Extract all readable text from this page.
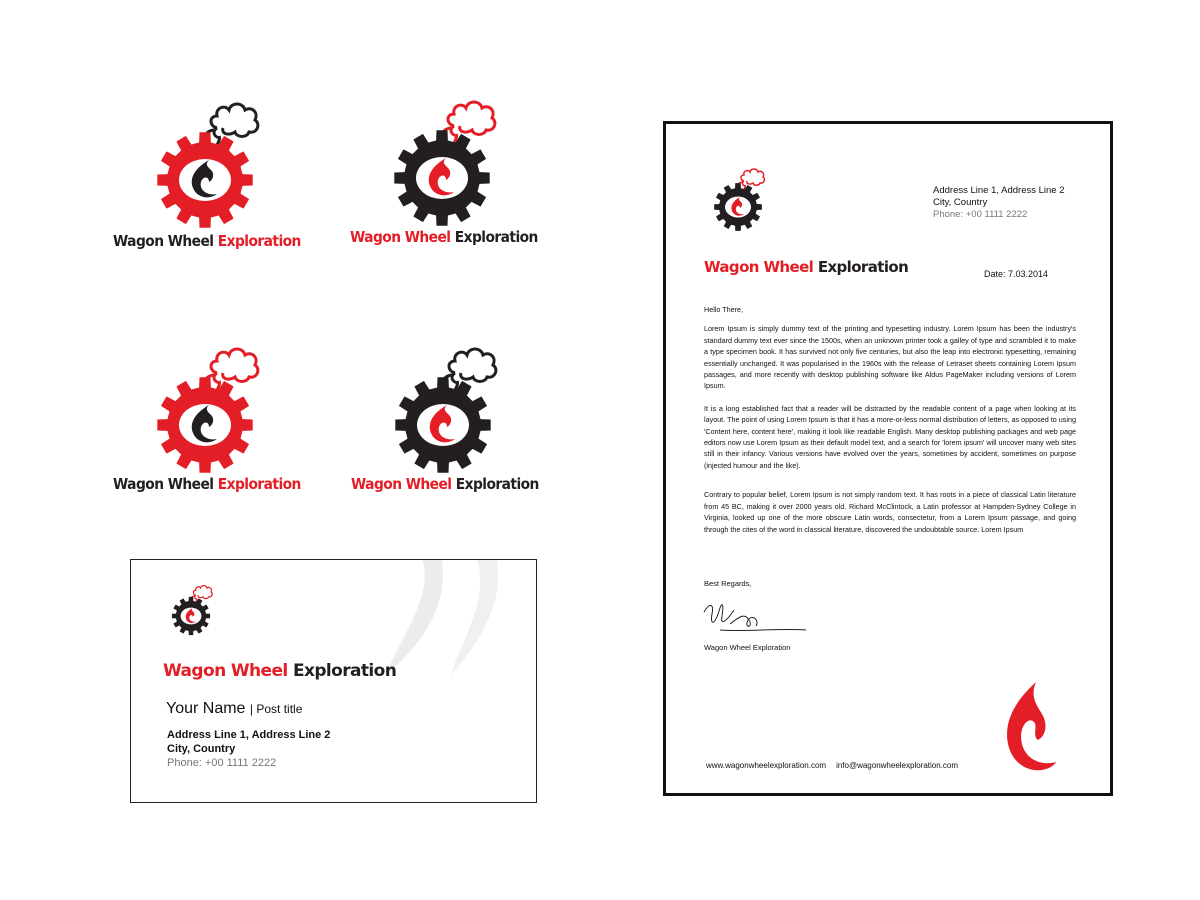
Wagon Wheel Exploration	Wagon Wheel Exploration
Wagon Wheel Exploration	Wagon Wheel Exploration
Wagon Wheel Exploration
Your Name | Post title
Address Line 1, Address Line 2
City, Country
Phone: +00 1111 2222
Wagon Wheel Exploration
Address Line 1, Address Line 2
City, Country
Phone: +00 1111 2222
Date: 7.03.2014

Hello There,

Lorem Ipsum is simply dummy text of the printing and typesetting industry. Lorem Ipsum has been the industry's standard dummy text ever since the 1500s, when an unknown printer took a galley of type and scrambled it to make a type specimen book. It has survived not only five centuries, but also the leap into electronic typesetting, remaining essentially unchanged. It was popularised in the 1960s with the release of Letraset sheets containing Lorem Ipsum passages, and more recently with desktop publishing software like Aldus PageMaker including versions of Lorem Ipsum.

It is a long established fact that a reader will be distracted by the readable content of a page when looking at its layout. The point of using Lorem Ipsum is that it has a more-or-less normal distribution of letters, as opposed to using 'Content here, content here', making it look like readable English. Many desktop publishing packages and web page editors now use Lorem Ipsum as their default model text, and a search for 'lorem ipsum' will uncover many web sites still in their infancy. Various versions have evolved over the years, sometimes by accident, sometimes on purpose (injected humour and the like).

Contrary to popular belief, Lorem Ipsum is not simply random text. It has roots in a piece of classical Latin literature from 45 BC, making it over 2000 years old. Richard McClintock, a Latin professor at Hampden-Sydney College in Virginia, looked up one of the more obscure Latin words, consectetur, from a Lorem Ipsum passage, and going through the cites of the word in classical literature, discovered the undoubtable source. Lorem Ipsum

Best Regards,
Wagon Wheel Exploration
www.wagonwheelexploration.com info@wagonwheelexploration.com
